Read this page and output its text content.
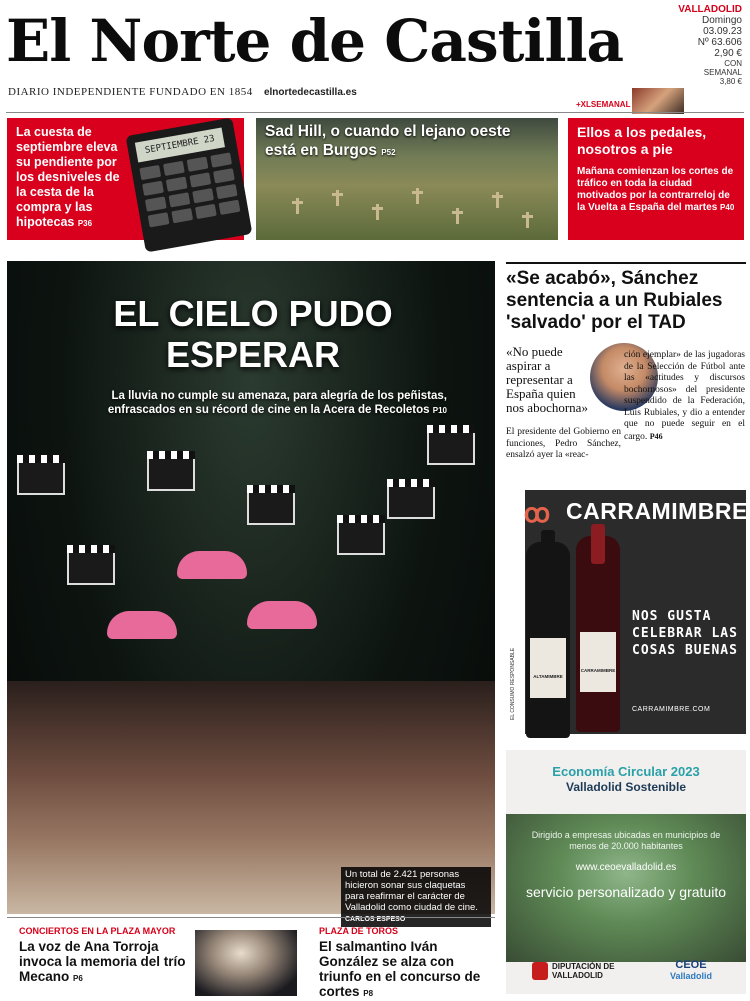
El Norte de Castilla
DIARIO INDEPENDIENTE FUNDADO EN 1854 elnortedecastilla.es
VALLADOLID
Domingo
03.09.23
Nº 63.606
2,90 €
CON
SEMANAL
3,80 €
+XLSEMANAL
La cuesta de septiembre eleva su pendiente por los desniveles de la cesta de la compra y las hipotecas P36
SEPTIEMBRE 23
Sad Hill, o cuando el lejano oeste está en Burgos P52
Ellos a los pedales, nosotros a pie
Mañana comienzan los cortes de tráfico en toda la ciudad motivados por la contrarreloj de la Vuelta a España del martes P40
EL CIELO PUDO ESPERAR
La lluvia no cumple su amenaza, para alegría de los peñistas, enfrascados en su récord de cine en la Acera de Recoletos P10
Un total de 2.421 personas hicieron sonar sus claquetas para reafirmar el carácter de Valladolid como ciudad de cine. CARLOS ESPESO
«Se acabó», Sánchez sentencia a un Rubiales 'salvado' por el TAD
«No puede aspirar a representar a España quien nos abochorna»
El presidente del Gobierno en funciones, Pedro Sánchez, ensalzó ayer la «reac-
ción ejemplar» de las jugadoras de la Selección de Fútbol ante las «actitudes y discursos bochornosos» del presidente suspendido de la Federación, Luis Rubiales, y dio a entender que no puede seguir en el cargo. P46
ꝏ CARRAMIMBRE
EL CONSUMO RESPONSABLE	ALTAMIMBRE
CARRAMIMBRE
NOS GUSTA CELEBRAR LAS COSAS BUENAS
CARRAMIMBRE.COM
Economía Circular 2023
Valladolid Sostenible
Dirigido a empresas ubicadas en municipios de menos de 20.000 habitantes
www.ceoevalladolid.es
servicio personalizado y gratuito
DIPUTACIÓN DE VALLADOLID
CEOE
Valladolid
CONCIERTOS EN LA PLAZA MAYOR
La voz de Ana Torroja invoca la memoria del trío Mecano P6
PLAZA DE TOROS
El salmantino Iván González se alza con triunfo en el concurso de cortes P8
